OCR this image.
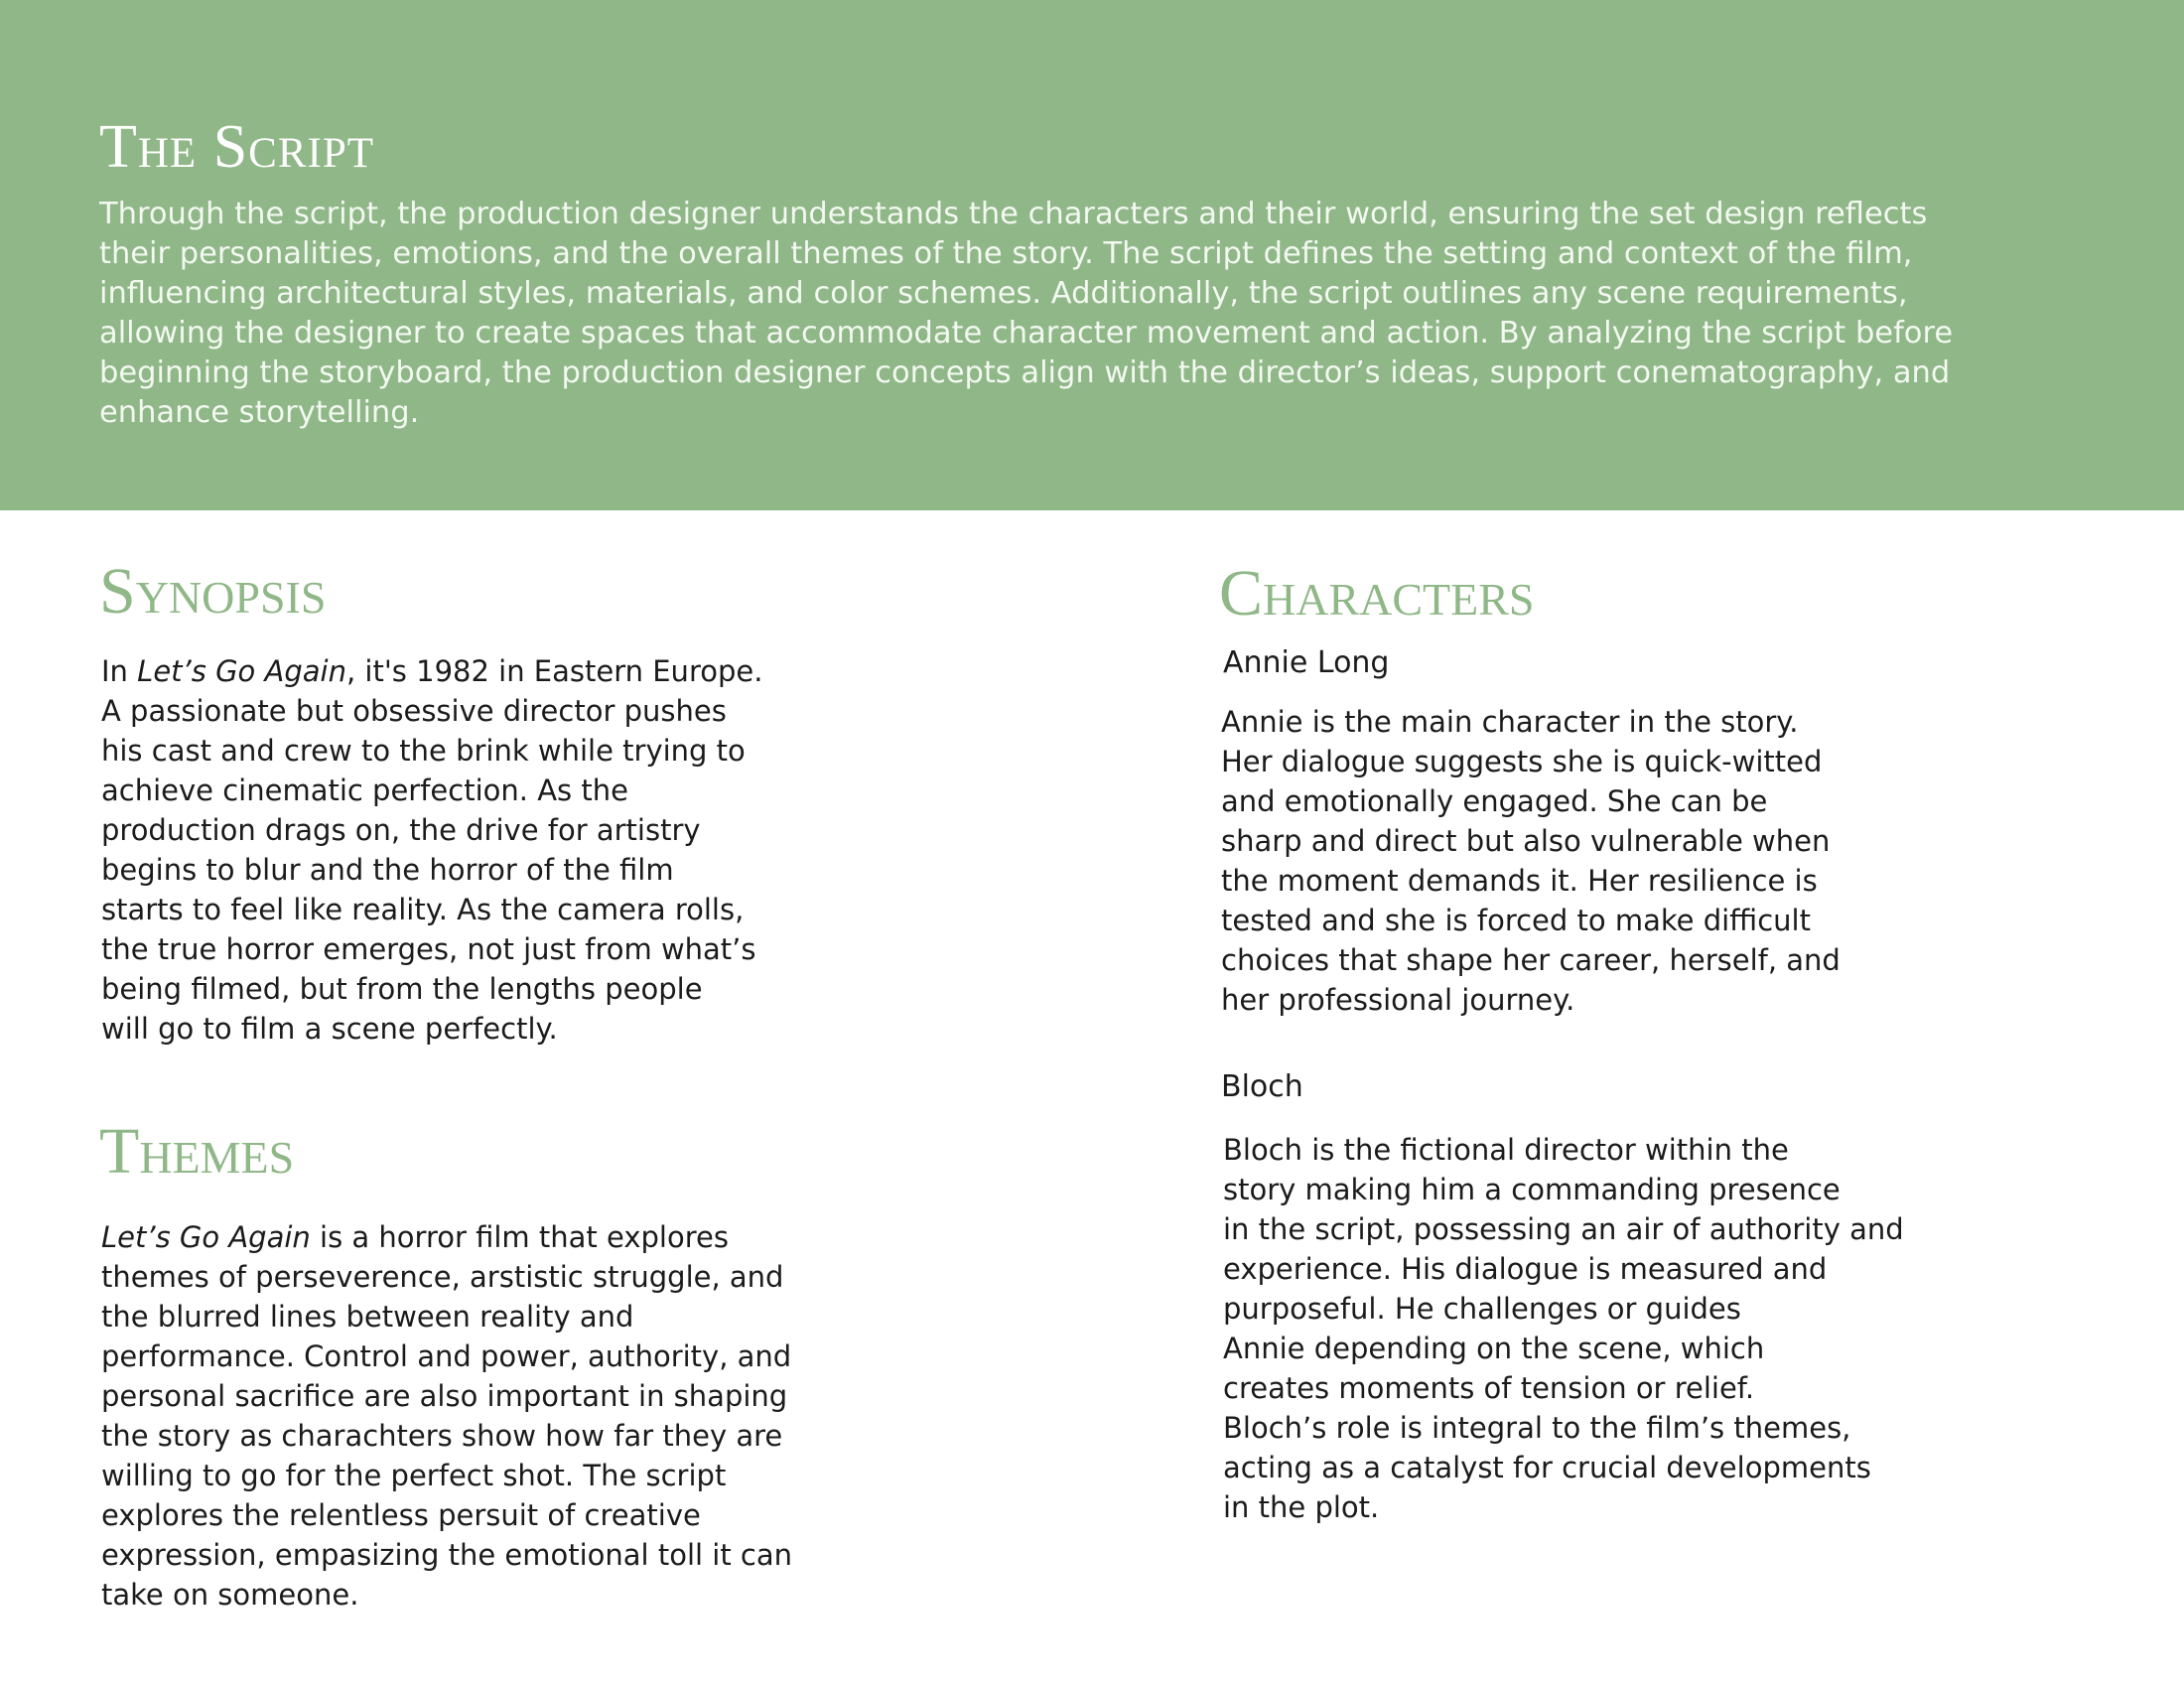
The Script

Through the script, the production designer understands the characters and their world, ensuring the set design reflects their personalities, emotions, and the overall themes of the story. The script defines the setting and context of the film, influencing architectural styles, materials, and color schemes. Additionally, the script outlines any scene requirements, allowing the designer to create spaces that accommodate character movement and action. By analyzing the script before beginning the storyboard, the production designer concepts align with the director’s ideas, support conematography, and enhance storytelling.

Synopsis

In Let’s Go Again, it's 1982 in Eastern Europe.
A passionate but obsessive director pushes
his cast and crew to the brink while trying to
achieve cinematic perfection. As the
production drags on, the drive for artistry
begins to blur and the horror of the film
starts to feel like reality. As the camera rolls,
the true horror emerges, not just from what’s
being filmed, but from the lengths people
will go to film a scene perfectly.

Themes

Let’s Go Again is a horror film that explores
themes of perseverence, arstistic struggle, and
the blurred lines between reality and
performance. Control and power, authority, and
personal sacrifice are also important in shaping
the story as charachters show how far they are
willing to go for the perfect shot. The script
explores the relentless persuit of creative
expression, empasizing the emotional toll it can
take on someone.

Characters

Annie Long

Annie is the main character in the story.
Her dialogue suggests she is quick-witted
and emotionally engaged. She can be
sharp and direct but also vulnerable when
the moment demands it. Her resilience is
tested and she is forced to make difficult
choices that shape her career, herself, and
her professional journey.

Bloch

Bloch is the fictional director within the
story making him a commanding presence
in the script, possessing an air of authority and
experience. His dialogue is measured and
purposeful. He challenges or guides
Annie depending on the scene, which
creates moments of tension or relief.
Bloch’s role is integral to the film’s themes,
acting as a catalyst for crucial developments
in the plot.
